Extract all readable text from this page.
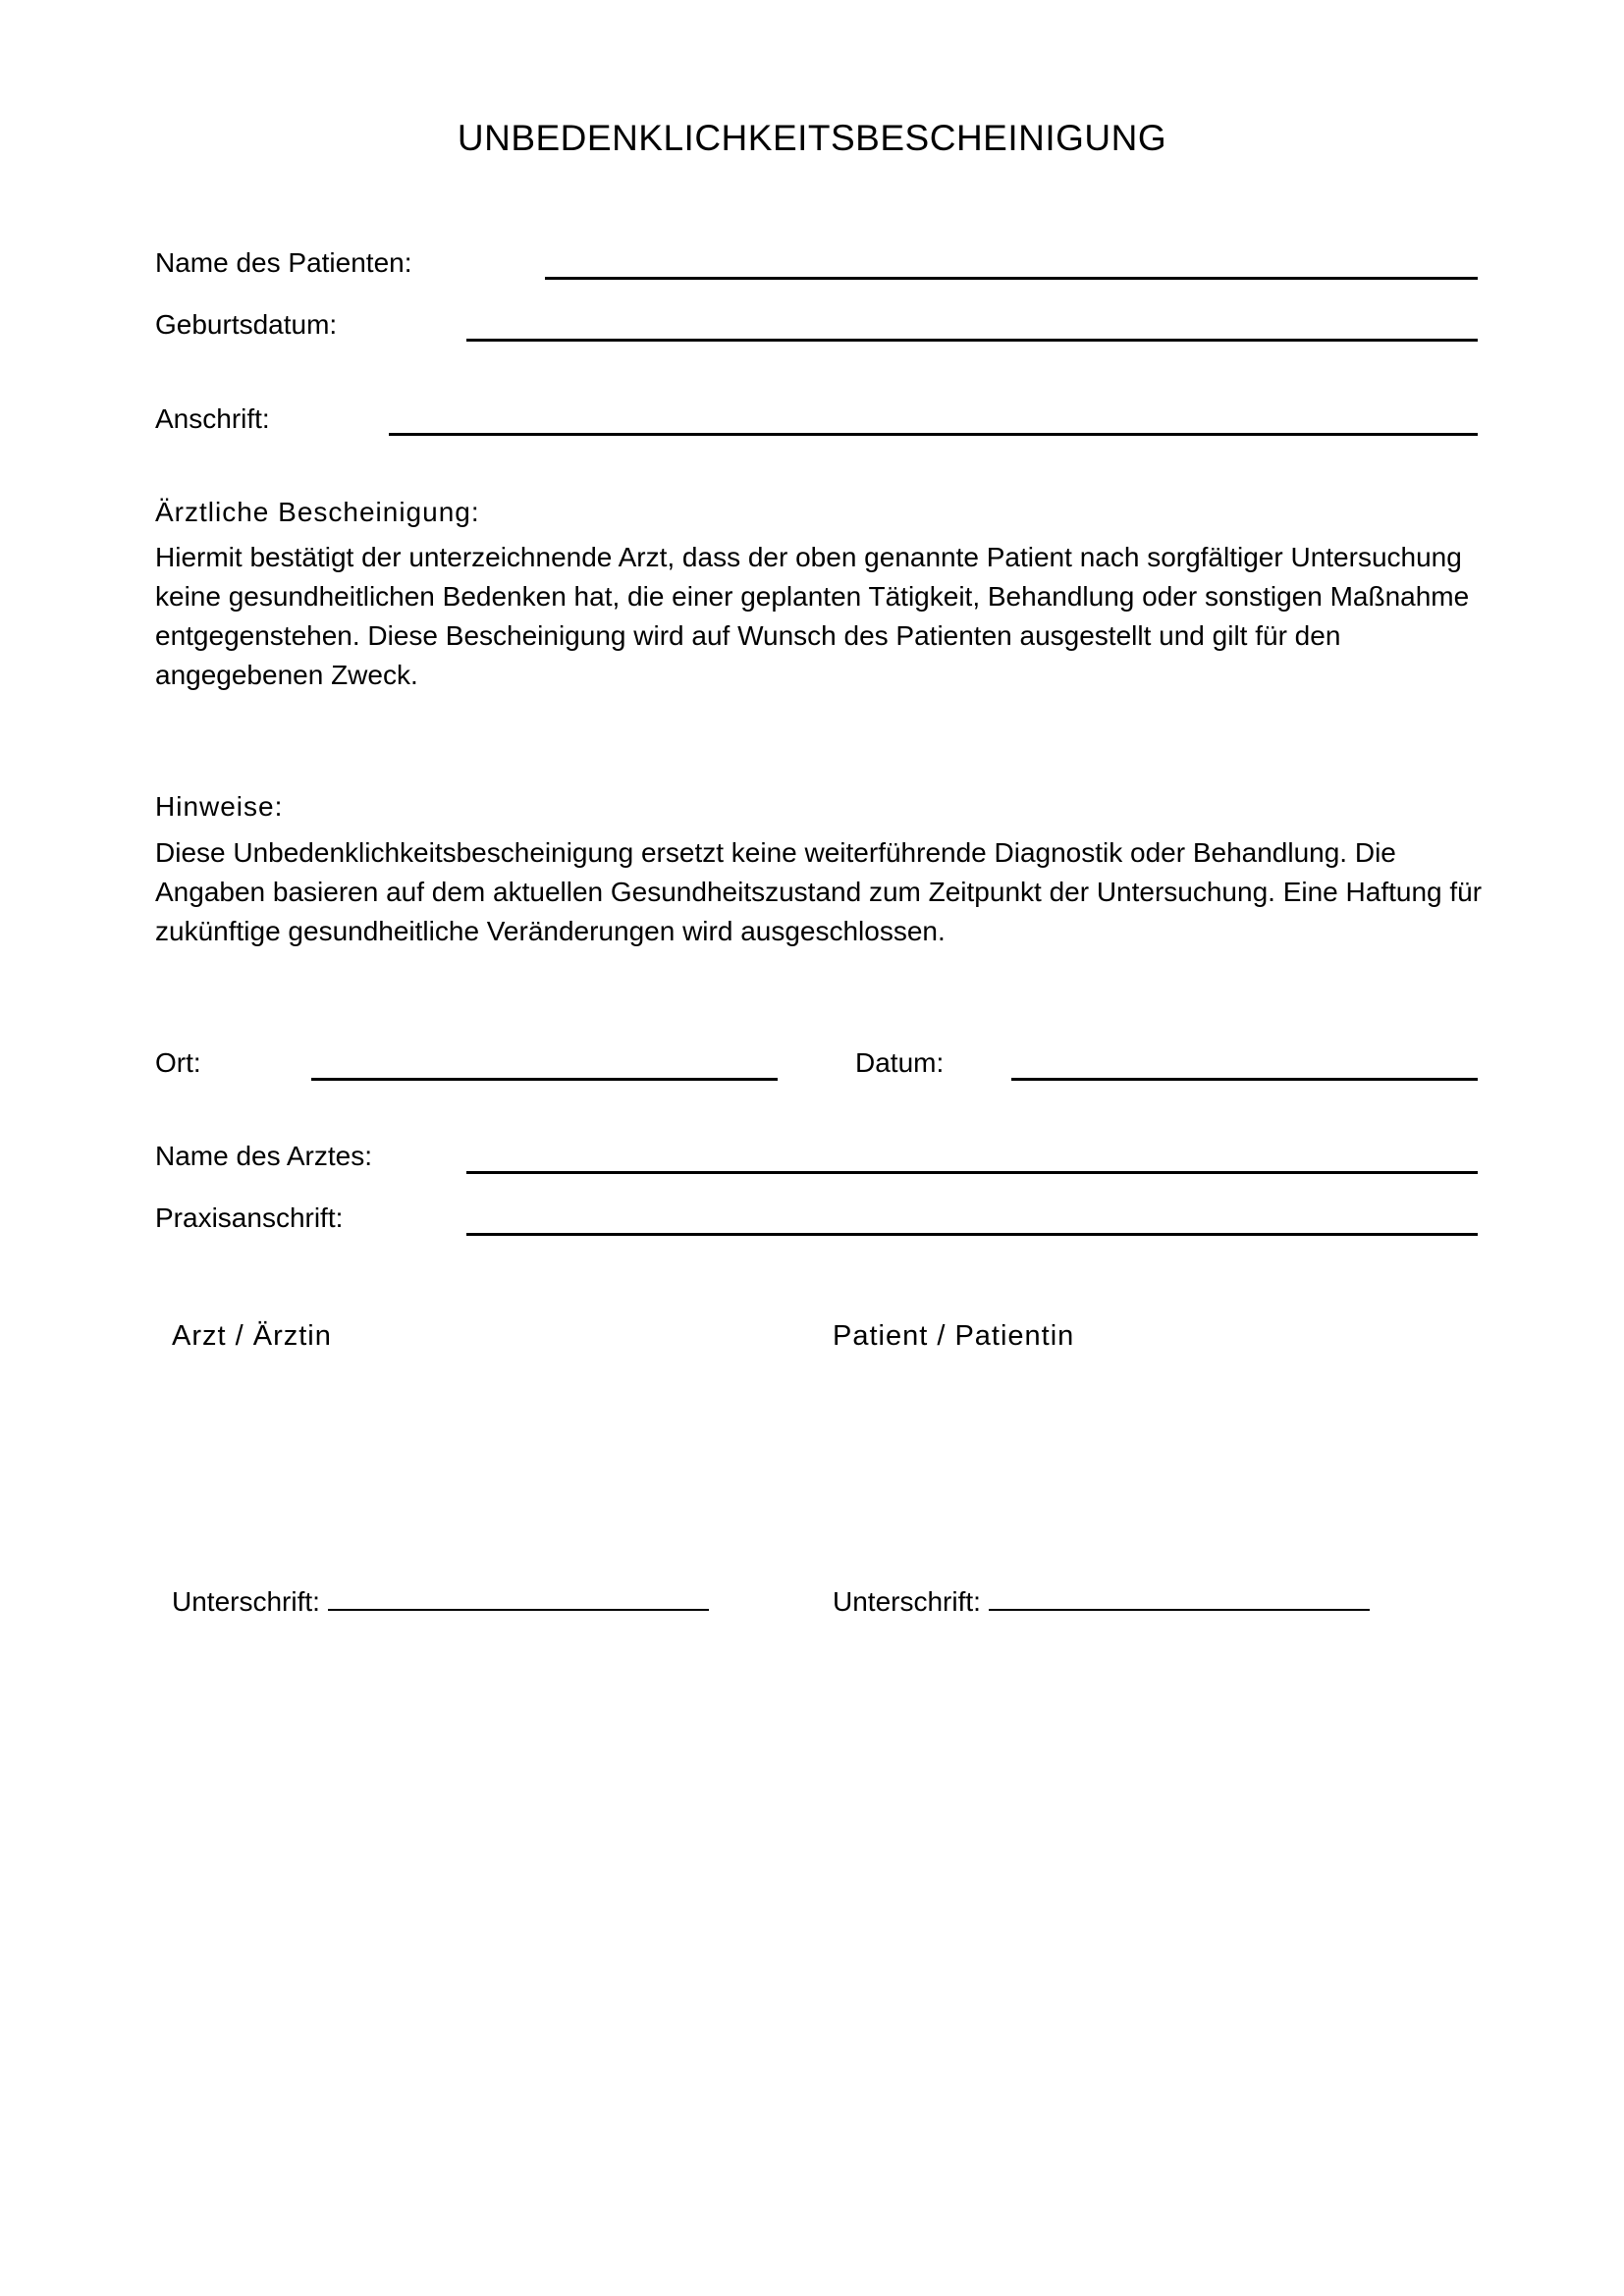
UNBEDENKLICHKEITSBESCHEINIGUNG
Name des Patienten:
Geburtsdatum:
Anschrift:
Ärztliche Bescheinigung:
Hiermit bestätigt der unterzeichnende Arzt, dass der oben genannte Patient nach sorgfältiger Untersuchung keine gesundheitlichen Bedenken hat, die einer geplanten Tätigkeit, Behandlung oder sonstigen Maßnahme entgegenstehen. Diese Bescheinigung wird auf Wunsch des Patienten ausgestellt und gilt für den angegebenen Zweck.
Hinweise:
Diese Unbedenklichkeitsbescheinigung ersetzt keine weiterführende Diagnostik oder Behandlung. Die Angaben basieren auf dem aktuellen Gesundheitszustand zum Zeitpunkt der Untersuchung. Eine Haftung für zukünftige gesundheitliche Veränderungen wird ausgeschlossen.
Ort:	Datum:
Name des Arztes:
Praxisanschrift:
Arzt / Ärztin	Patient / Patientin
Unterschrift:	Unterschrift:
